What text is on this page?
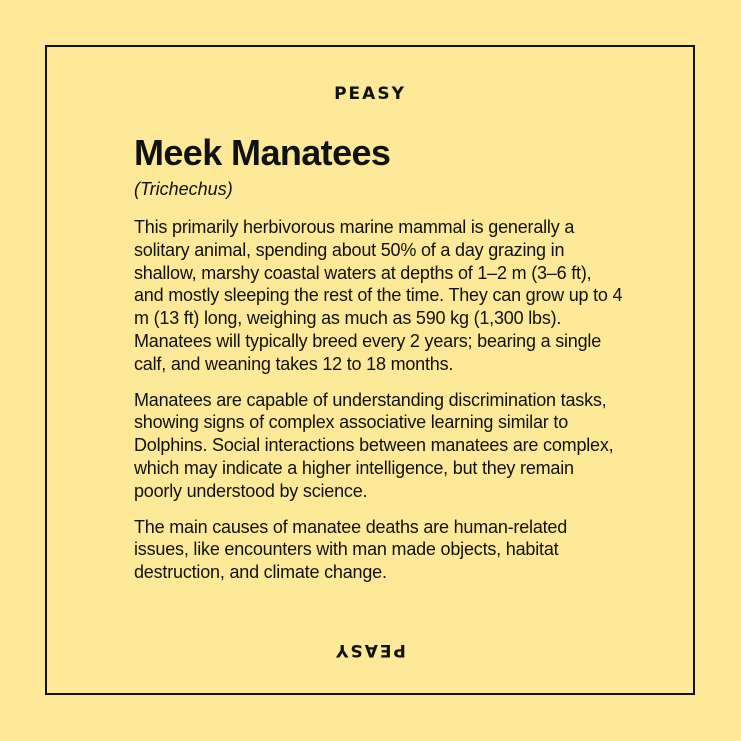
PEASY
Meek Manatees
(Trichechus)

This primarily herbivorous marine mammal is generally a solitary animal, spending about 50% of a day grazing in shallow, marshy coastal waters at depths of 1–2 m (3–6 ft), and mostly sleeping the rest of the time. They can grow up to 4 m (13 ft) long, weighing as much as 590 kg (1,300 lbs). Manatees will typically breed every 2 years; bearing a single calf, and weaning takes 12 to 18 months.

Manatees are capable of understanding discrimination tasks, showing signs of complex associative learning similar to Dolphins. Social interactions between manatees are complex, which may indicate a higher intelligence, but they remain poorly understood by science.

The main causes of manatee deaths are human-related issues, like encounters with man made objects, habitat destruction, and climate change.

PEASY
